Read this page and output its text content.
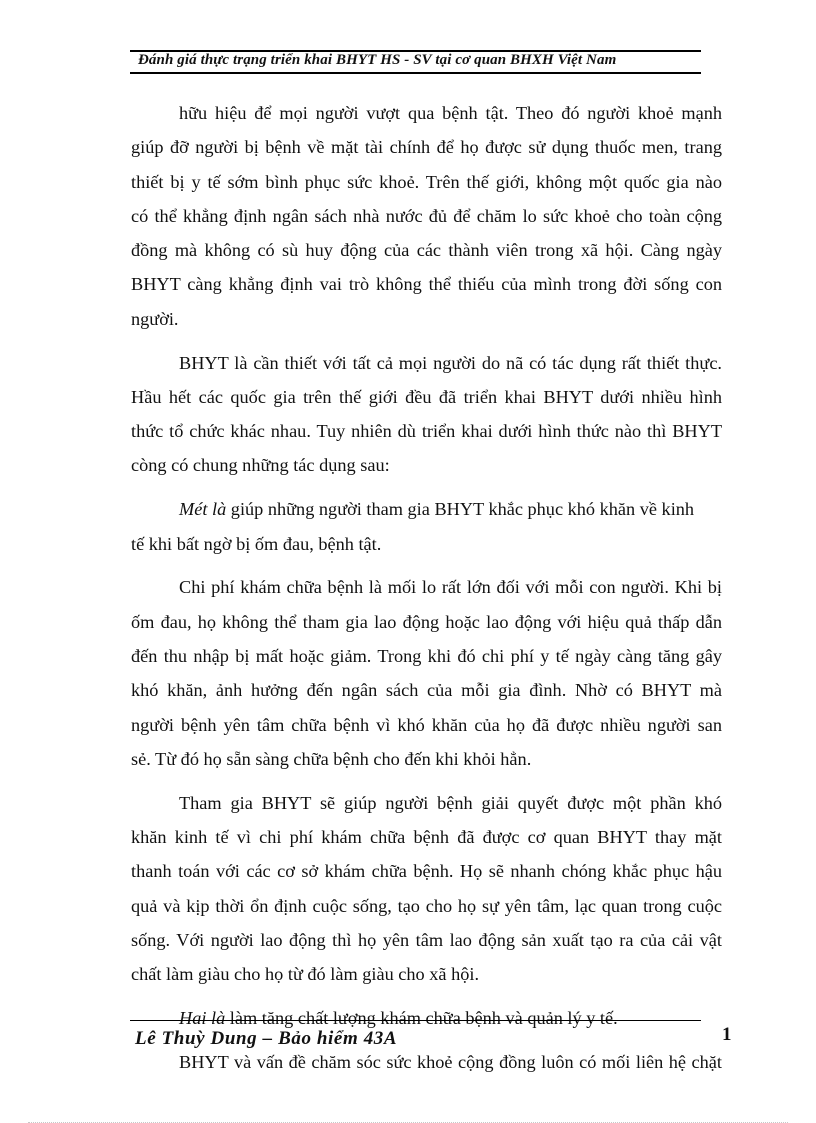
Đánh giá thực trạng triển khai BHYT HS - SV tại cơ quan BHXH Việt Nam
hữu hiệu để mọi người vượt qua bệnh tật. Theo đó người khoẻ mạnh
giúp đỡ người bị bệnh về mặt tài chính để họ được sử dụng thuốc men, trang
thiết bị y tế sớm bình phục sức khoẻ. Trên thế giới, không một quốc gia nào
có thể khẳng định ngân sách nhà nước đủ để chăm lo sức khoẻ cho toàn cộng
đồng mà không có sù huy động của các thành viên trong xã hội. Càng ngày
BHYT càng khẳng định vai trò không thể thiếu của mình trong đời sống con
người.
BHYT là cần thiết với tất cả mọi người do nã có tác dụng rất thiết thực.
Hầu hết các quốc gia trên thế giới đều đã triển khai BHYT dưới nhiều hình
thức tổ chức khác nhau. Tuy nhiên dù triển khai dưới hình thức nào thì BHYT
còng có chung những tác dụng sau:
Mét là giúp những người tham gia BHYT khắc phục khó khăn về kinh
tế khi bất ngờ bị ốm đau, bệnh tật.
Chi phí khám chữa bệnh là mối lo rất lớn đối với mỗi con người. Khi bị
ốm đau, họ không thể tham gia lao động hoặc lao động với hiệu quả thấp dẫn
đến thu nhập bị mất hoặc giảm. Trong khi đó chi phí y tế ngày càng tăng gây
khó khăn, ảnh hưởng đến ngân sách của mỗi gia đình. Nhờ có BHYT mà
người bệnh yên tâm chữa bệnh vì khó khăn của họ đã được nhiều người san
sẻ. Từ đó họ sẵn sàng chữa bệnh cho đến khi khỏi hẳn.
Tham gia BHYT sẽ giúp người bệnh giải quyết được một phần khó
khăn kinh tế vì chi phí khám chữa bệnh đã được cơ quan BHYT thay mặt
thanh toán với các cơ sở khám chữa bệnh. Họ sẽ nhanh chóng khắc phục hậu
quả và kịp thời ổn định cuộc sống, tạo cho họ sự yên tâm, lạc quan trong cuộc
sống. Với người lao động thì họ yên tâm lao động sản xuất tạo ra của cải vật
chất làm giàu cho họ từ đó làm giàu cho xã hội.
Hai là làm tăng chất lượng khám chữa bệnh và quản lý y tế.
BHYT và vấn đề chăm sóc sức khoẻ cộng đồng luôn có mối liên hệ chặt
Lê Thuỳ Dung – Bảo hiểm 43A	1
